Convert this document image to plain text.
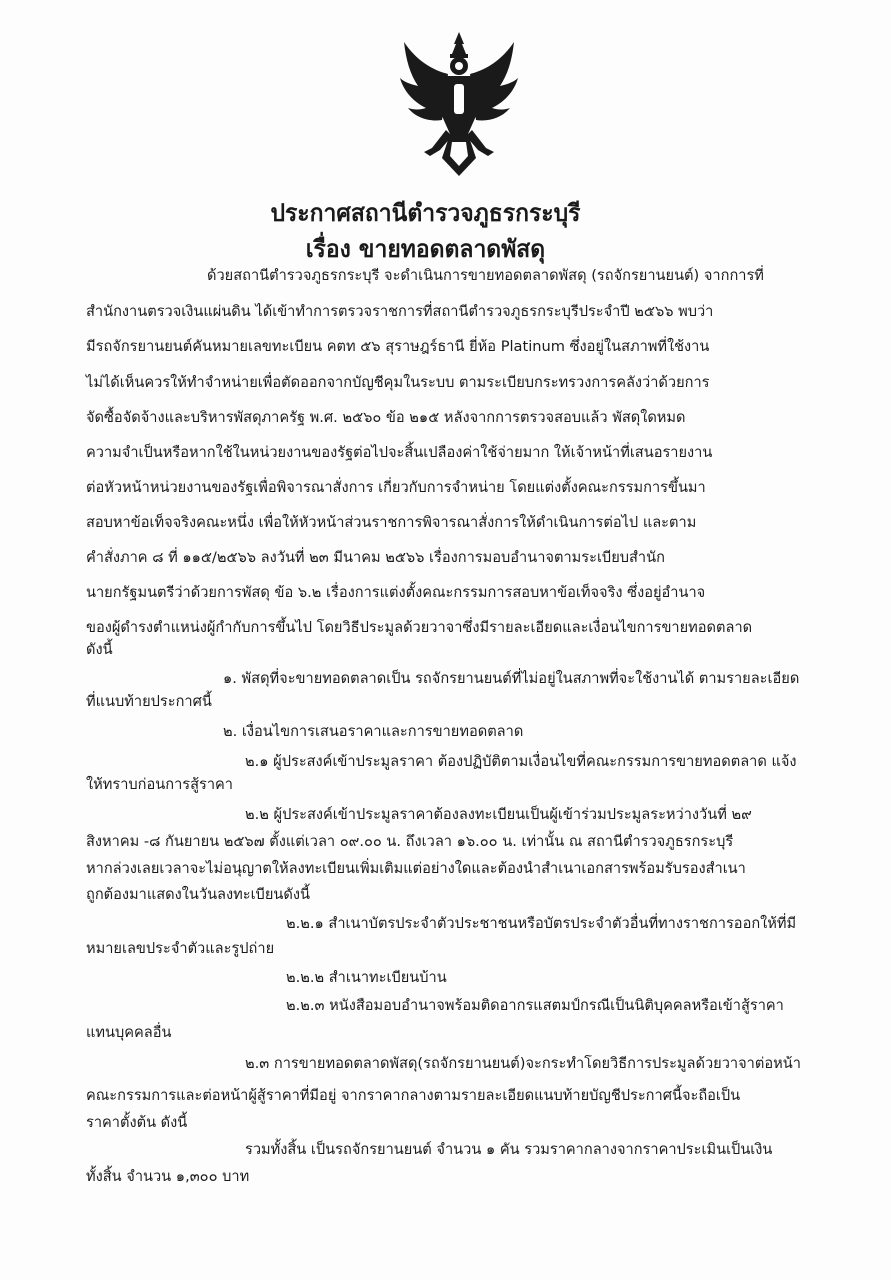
ประกาศสถานีตำรวจภูธรกระบุรี
เรื่อง ขายทอดตลาดพัสดุ
ด้วยสถานีตำรวจภูธรกระบุรี จะดำเนินการขายทอดตลาดพัสดุ (รถจักรยานยนต์) จากการที่
สำนักงานตรวจเงินแผ่นดิน ได้เข้าทำการตรวจราชการที่สถานีตำรวจภูธรกระบุรีประจำปี ๒๕๖๖ พบว่า
มีรถจักรยานยนต์คันหมายเลขทะเบียน คตท ๕๖ สุราษฎร์ธานี ยี่ห้อ Platinum ซึ่งอยู่ในสภาพที่ใช้งาน
ไม่ได้เห็นควรให้ทำจำหน่ายเพื่อตัดออกจากบัญชีคุมในระบบ ตามระเบียบกระทรวงการคลังว่าด้วยการ
จัดซื้อจัดจ้างและบริหารพัสดุภาครัฐ พ.ศ. ๒๕๖๐ ข้อ ๒๑๕ หลังจากการตรวจสอบแล้ว พัสดุใดหมด
ความจำเป็นหรือหากใช้ในหน่วยงานของรัฐต่อไปจะสิ้นเปลืองค่าใช้จ่ายมาก ให้เจ้าหน้าที่เสนอรายงาน
ต่อหัวหน้าหน่วยงานของรัฐเพื่อพิจารณาสั่งการ เกี่ยวกับการจำหน่าย โดยแต่งตั้งคณะกรรมการขึ้นมา
สอบหาข้อเท็จจริงคณะหนึ่ง เพื่อให้หัวหน้าส่วนราชการพิจารณาสั่งการให้ดำเนินการต่อไป และตาม
คำสั่งภาค ๘ ที่ ๑๑๕/๒๕๖๖ ลงวันที่ ๒๓ มีนาคม ๒๕๖๖ เรื่องการมอบอำนาจตามระเบียบสำนัก
นายกรัฐมนตรีว่าด้วยการพัสดุ ข้อ ๖.๒ เรื่องการแต่งตั้งคณะกรรมการสอบหาข้อเท็จจริง ซึ่งอยู่อำนาจ
ของผู้ดำรงตำแหน่งผู้กำกับการขึ้นไป โดยวิธีประมูลด้วยวาจาซึ่งมีรายละเอียดและเงื่อนไขการขายทอดตลาด
ดังนี้
๑. พัสดุที่จะขายทอดตลาดเป็น รถจักรยานยนต์ที่ไม่อยู่ในสภาพที่จะใช้งานได้ ตามรายละเอียด
ที่แนบท้ายประกาศนี้
๒. เงื่อนไขการเสนอราคาและการขายทอดตลาด
๒.๑ ผู้ประสงค์เข้าประมูลราคา ต้องปฏิบัติตามเงื่อนไขที่คณะกรรมการขายทอดตลาด แจ้ง
ให้ทราบก่อนการสู้ราคา
๒.๒ ผู้ประสงค์เข้าประมูลราคาต้องลงทะเบียนเป็นผู้เข้าร่วมประมูลระหว่างวันที่ ๒๙
สิงหาคม -๘ กันยายน ๒๕๖๗ ตั้งแต่เวลา ๐๙.๐๐ น. ถึงเวลา ๑๖.๐๐ น. เท่านั้น ณ สถานีตำรวจภูธรกระบุรี
หากล่วงเลยเวลาจะไม่อนุญาตให้ลงทะเบียนเพิ่มเติมแต่อย่างใดและต้องนำสำเนาเอกสารพร้อมรับรองสำเนา
ถูกต้องมาแสดงในวันลงทะเบียนดังนี้
๒.๒.๑ สำเนาบัตรประจำตัวประชาชนหรือบัตรประจำตัวอื่นที่ทางราชการออกให้ที่มี
หมายเลขประจำตัวและรูปถ่าย
๒.๒.๒ สำเนาทะเบียนบ้าน
๒.๒.๓ หนังสือมอบอำนาจพร้อมติดอากรแสตมป์กรณีเป็นนิติบุคคลหรือเข้าสู้ราคา
แทนบุคคลอื่น
๒.๓ การขายทอดตลาดพัสดุ(รถจักรยานยนต์)จะกระทำโดยวิธีการประมูลด้วยวาจาต่อหน้า
คณะกรรมการและต่อหน้าผู้สู้ราคาที่มีอยู่ จากราคากลางตามรายละเอียดแนบท้ายบัญชีประกาศนี้จะถือเป็น
ราคาตั้งต้น ดังนี้
รวมทั้งสิ้น เป็นรถจักรยานยนต์ จำนวน ๑ คัน รวมราคากลางจากราคาประเมินเป็นเงิน
ทั้งสิ้น จำนวน ๑,๓๐๐ บาท
